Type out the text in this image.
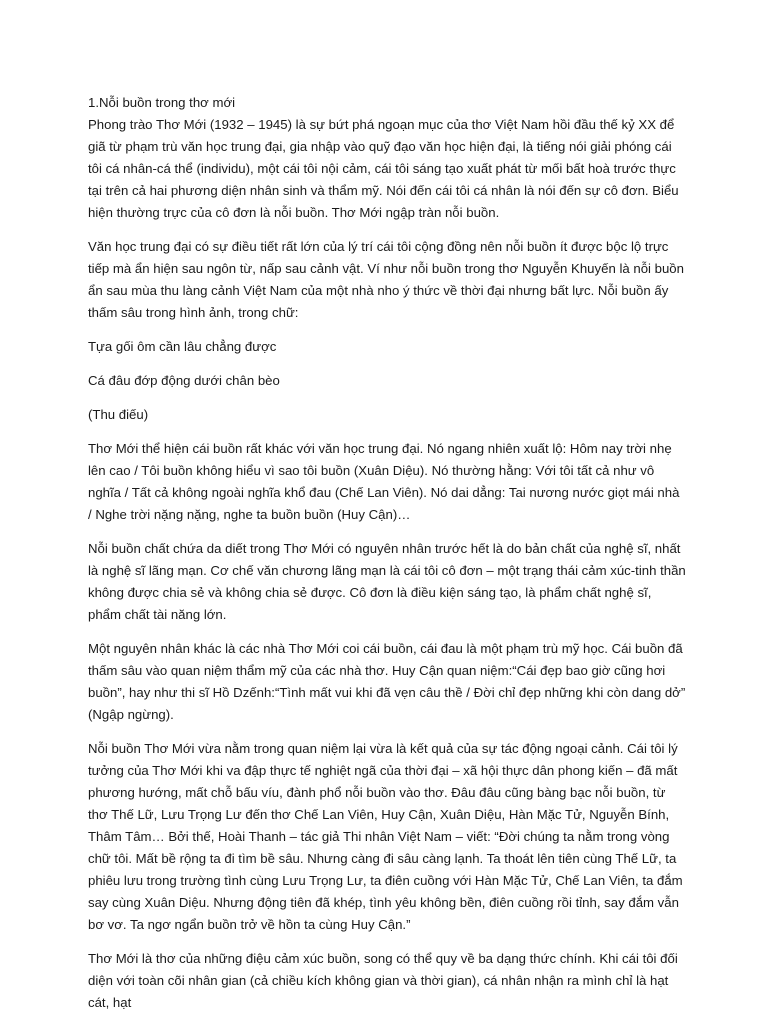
1.Nỗi buồn trong thơ mới

Phong trào Thơ Mới (1932 – 1945) là sự bứt phá ngoạn mục của thơ Việt Nam hồi đầu thế kỷ XX để giã từ phạm trù văn học trung đại, gia nhập vào quỹ đạo văn học hiện đại, là tiếng nói giải phóng cái tôi cá nhân-cá thể (individu), một cái tôi nội cảm, cái tôi sáng tạo xuất phát từ mối bất hoà trước thực tại trên cả hai phương diện nhân sinh và thẩm mỹ. Nói đến cái tôi cá nhân là nói đến sự cô đơn. Biểu hiện thường trực của cô đơn là nỗi buồn. Thơ Mới ngập tràn nỗi buồn.

Văn học trung đại có sự điều tiết rất lớn của lý trí cái tôi cộng đồng nên nỗi buồn ít được bộc lộ trực tiếp mà ẩn hiện sau ngôn từ, nấp sau cảnh vật. Ví như nỗi buồn trong thơ Nguyễn Khuyến là nỗi buồn ẩn sau mùa thu làng cảnh Việt Nam của một nhà nho ý thức về thời đại nhưng bất lực. Nỗi buồn ấy thấm sâu trong hình ảnh, trong chữ:

Tựa gối ôm cần lâu chẳng được

Cá đâu đớp động dưới chân bèo

(Thu điếu)

Thơ Mới thể hiện cái buồn rất khác với văn học trung đại. Nó ngang nhiên xuất lộ: Hôm nay trời nhẹ lên cao / Tôi buồn không hiểu vì sao tôi buồn (Xuân Diệu). Nó thường hằng: Với tôi tất cả như vô nghĩa / Tất cả không ngoài nghĩa khổ đau (Chế Lan Viên). Nó dai dẳng: Tai nương nước giọt mái nhà / Nghe trời nặng nặng, nghe ta buồn buồn (Huy Cận)…

Nỗi buồn chất chứa da diết trong Thơ Mới có nguyên nhân trước hết là do bản chất của nghệ sĩ, nhất là nghệ sĩ lãng mạn. Cơ chế văn chương lãng mạn là cái tôi cô đơn – một trạng thái cảm xúc-tinh thần không được chia sẻ và không chia sẻ được. Cô đơn là điều kiện sáng tạo, là phẩm chất nghệ sĩ, phẩm chất tài năng lớn.

Một nguyên nhân khác là các nhà Thơ Mới coi cái buồn, cái đau là một phạm trù mỹ học. Cái buồn đã thấm sâu vào quan niệm thẩm mỹ của các nhà thơ. Huy Cận quan niệm:“Cái đẹp bao giờ cũng hơi buồn”, hay như thi sĩ Hồ Dzếnh:“Tình mất vui khi đã vẹn câu thề / Đời chỉ đẹp những khi còn dang dở” (Ngập ngừng).

Nỗi buồn Thơ Mới vừa nằm trong quan niệm lại vừa là kết quả của sự tác động ngoại cảnh. Cái tôi lý tưởng của Thơ Mới khi va đập thực tế nghiệt ngã của thời đại – xã hội thực dân phong kiến – đã mất phương hướng, mất chỗ bấu víu, đành phổ nỗi buồn vào thơ. Đâu đâu cũng bàng bạc nỗi buồn, từ thơ Thế Lữ, Lưu Trọng Lư đến thơ Chế Lan Viên, Huy Cận, Xuân Diệu, Hàn Mặc Tử, Nguyễn Bính, Thâm Tâm… Bởi thế, Hoài Thanh – tác giả Thi nhân Việt Nam – viết: “Đời chúng ta nằm trong vòng chữ tôi. Mất bề rộng ta đi tìm bề sâu. Nhưng càng đi sâu càng lạnh. Ta thoát lên tiên cùng Thế Lữ, ta phiêu lưu trong trường tình cùng Lưu Trọng Lư, ta điên cuồng với Hàn Mặc Tử, Chế Lan Viên, ta đắm say cùng Xuân Diệu. Nhưng động tiên đã khép, tình yêu không bền, điên cuồng rồi tỉnh, say đắm vẫn bơ vơ. Ta ngơ ngẩn buồn trở về hồn ta cùng Huy Cận.”

Thơ Mới là thơ của những điệu cảm xúc buồn, song có thể quy về ba dạng thức chính. Khi cái tôi đối diện với toàn cõi nhân gian (cả chiều kích không gian và thời gian), cá nhân nhận ra mình chỉ là hạt cát, hạt
